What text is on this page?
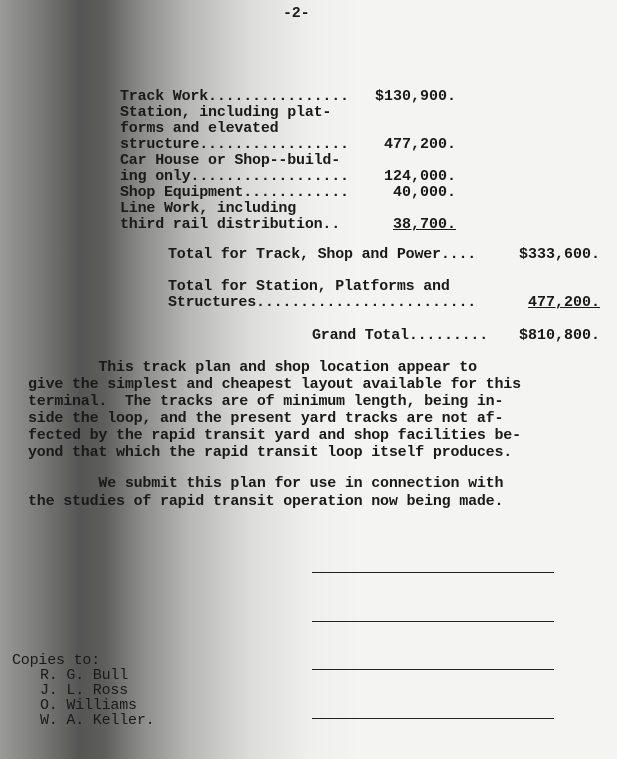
-2-
Track Work................	$130,900.
Station, including plat-
forms and elevated
structure.................	477,200.
Car House or Shop--build-
ing only..................	124,000.
Shop Equipment............	40,000.
Line Work, including
third rail distribution..	38,700.
Total for Track, Shop and Power....	$333,600.
Total for Station, Platforms and
Structures.........................	477,200.
Grand Total.........	$810,800.
This track plan and shop location appear to
give the simplest and cheapest layout available for this
terminal.  The tracks are of minimum length, being in-
side the loop, and the present yard tracks are not af-
fected by the rapid transit yard and shop facilities be-
yond that which the rapid transit loop itself produces.
We submit this plan for use in connection with
the studies of rapid transit operation now being made.
Copies to:
R. G. Bull
J. L. Ross
O. Williams
W. A. Keller.
